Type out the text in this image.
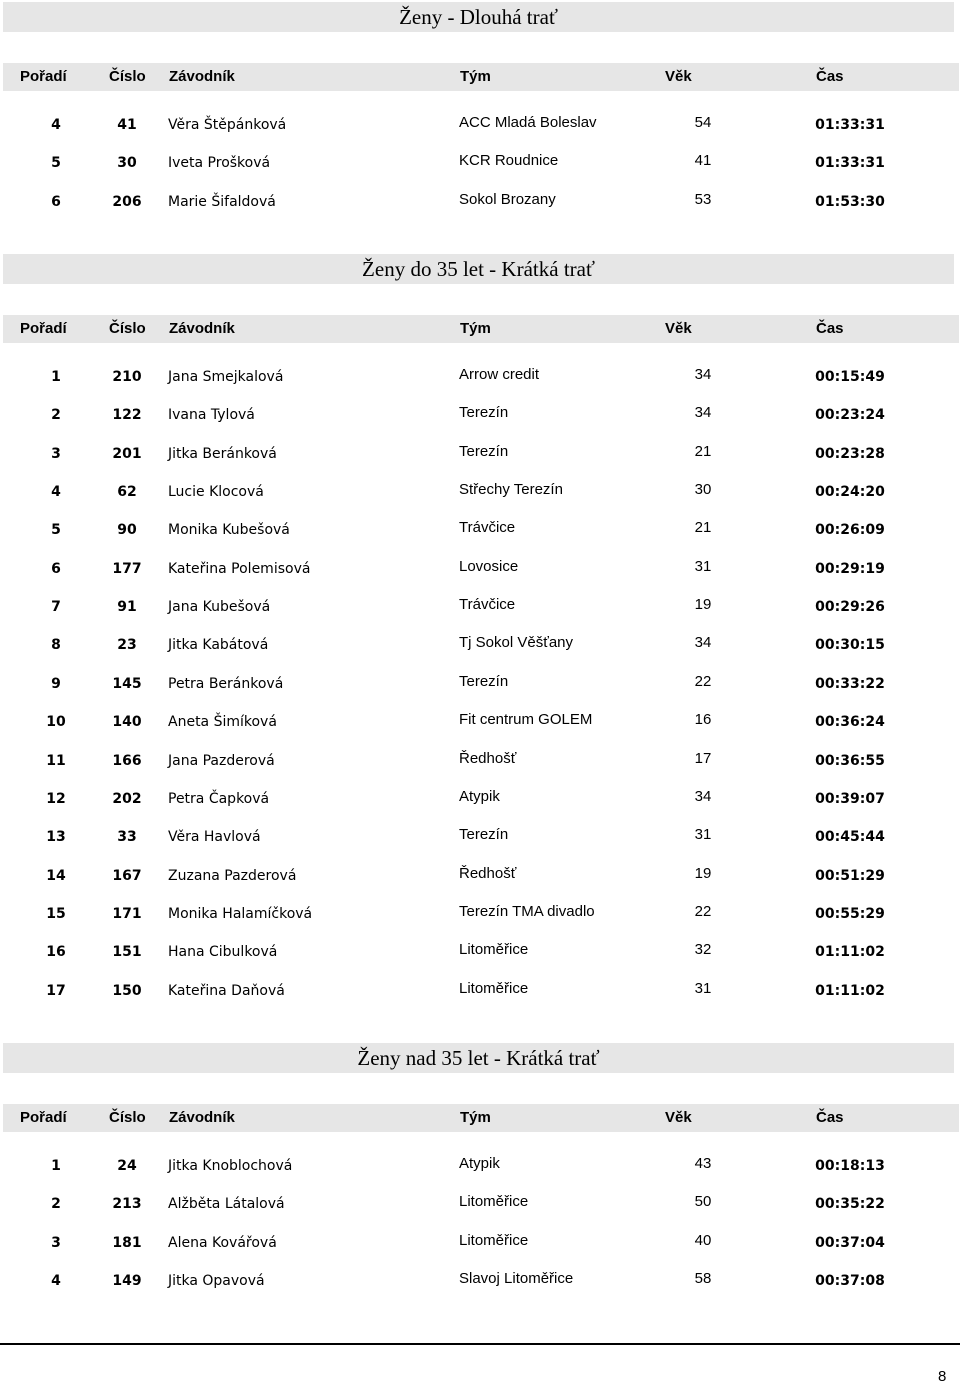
Ženy - Dlouhá trať
Pořadí	Číslo	Závodník	Tým	Věk	Čas
4	41	Věra Štěpánková	ACC Mladá Boleslav	54	01:33:31
5	30	Iveta Prošková	KCR Roudnice	41	01:33:31
6	206	Marie Šifaldová	Sokol Brozany	53	01:53:30
Ženy do 35 let - Krátká trať
Pořadí	Číslo	Závodník	Tým	Věk	Čas
1	210	Jana Smejkalová	Arrow credit	34	00:15:49
2	122	Ivana Tylová	Terezín	34	00:23:24
3	201	Jitka Beránková	Terezín	21	00:23:28
4	62	Lucie Klocová	Střechy Terezín	30	00:24:20
5	90	Monika Kubešová	Trávčice	21	00:26:09
6	177	Kateřina Polemisová	Lovosice	31	00:29:19
7	91	Jana Kubešová	Trávčice	19	00:29:26
8	23	Jitka Kabátová	Tj Sokol Věšťany	34	00:30:15
9	145	Petra Beránková	Terezín	22	00:33:22
10	140	Aneta Šimíková	Fit centrum GOLEM	16	00:36:24
11	166	Jana Pazderová	Ředhošť	17	00:36:55
12	202	Petra Čapková	Atypik	34	00:39:07
13	33	Věra Havlová	Terezín	31	00:45:44
14	167	Zuzana Pazderová	Ředhošť	19	00:51:29
15	171	Monika Halamíčková	Terezín TMA divadlo	22	00:55:29
16	151	Hana Cibulková	Litoměřice	32	01:11:02
17	150	Kateřina Daňová	Litoměřice	31	01:11:02
Ženy nad 35 let - Krátká trať
Pořadí	Číslo	Závodník	Tým	Věk	Čas
1	24	Jitka Knoblochová	Atypik	43	00:18:13
2	213	Alžběta Látalová	Litoměřice	50	00:35:22
3	181	Alena Kovářová	Litoměřice	40	00:37:04
4	149	Jitka Opavová	Slavoj Litoměřice	58	00:37:08
8
